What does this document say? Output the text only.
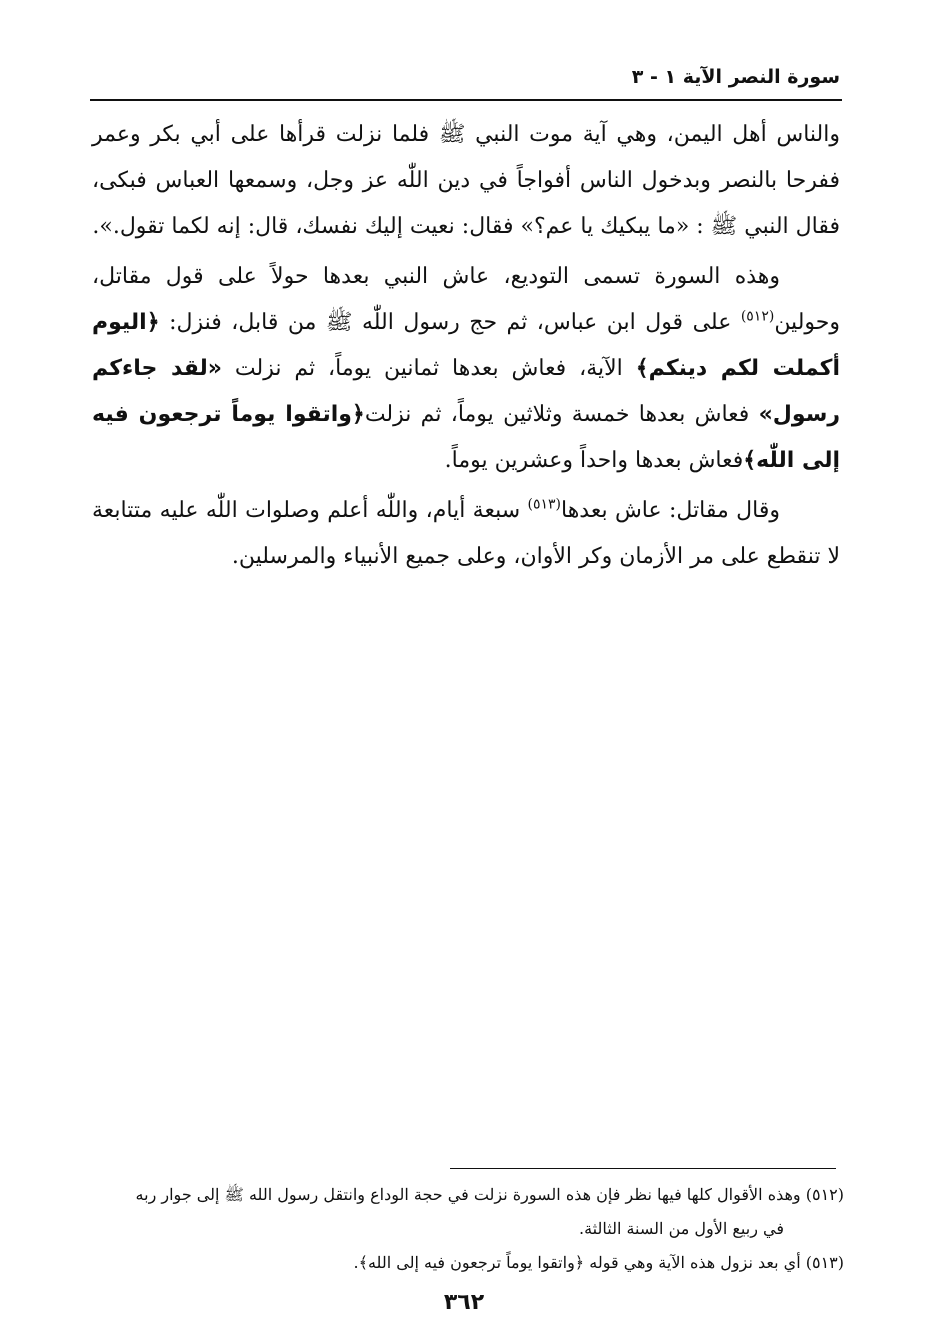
سورة النصر الآية ١ - ٣

والناس أهل اليمن، وهي آية موت النبي ﷺ فلما نزلت قرأها على أبي بكر وعمر ففرحا بالنصر وبدخول الناس أفواجاً في دين اللّٰه عز وجل، وسمعها العباس فبكى، فقال النبي ﷺ : «ما يبكيك يا عم؟» فقال: نعيت إليك نفسك، قال: إنه لكما تقول.».

وهذه السورة تسمى التوديع، عاش النبي بعدها حولاً على قول مقاتل، وحولين$^{(٥١٢)}$ على قول ابن عباس، ثم حج رسول اللّٰه ﷺ من قابل، فنزل: ﴿اليوم أكملت لكم دينكم﴾ الآية، فعاش بعدها ثمانين يوماً، ثم نزلت «لقد جاءكم رسول» فعاش بعدها خمسة وثلاثين يوماً، ثم نزلت﴿واتقوا يوماً ترجعون فيه إلى اللّٰه﴾فعاش بعدها واحداً وعشرين يوماً.

وقال مقاتل: عاش بعدها$^{(٥١٣)}$ سبعة أيام، واللّٰه أعلم وصلوات اللّٰه عليه متتابعة لا تنقطع على مر الأزمان وكر الأوان، وعلى جميع الأنبياء والمرسلين.

(٥١٢) وهذه الأقوال كلها فيها نظر فإن هذه السورة نزلت في حجة الوداع وانتقل رسول الله ﷺ إلى جوار ربه

في ربيع الأول من السنة الثالثة.

(٥١٣) أي بعد نزول هذه الآية وهي قوله ﴿واتقوا يوماً ترجعون فيه إلى الله﴾.

٣٦٢
